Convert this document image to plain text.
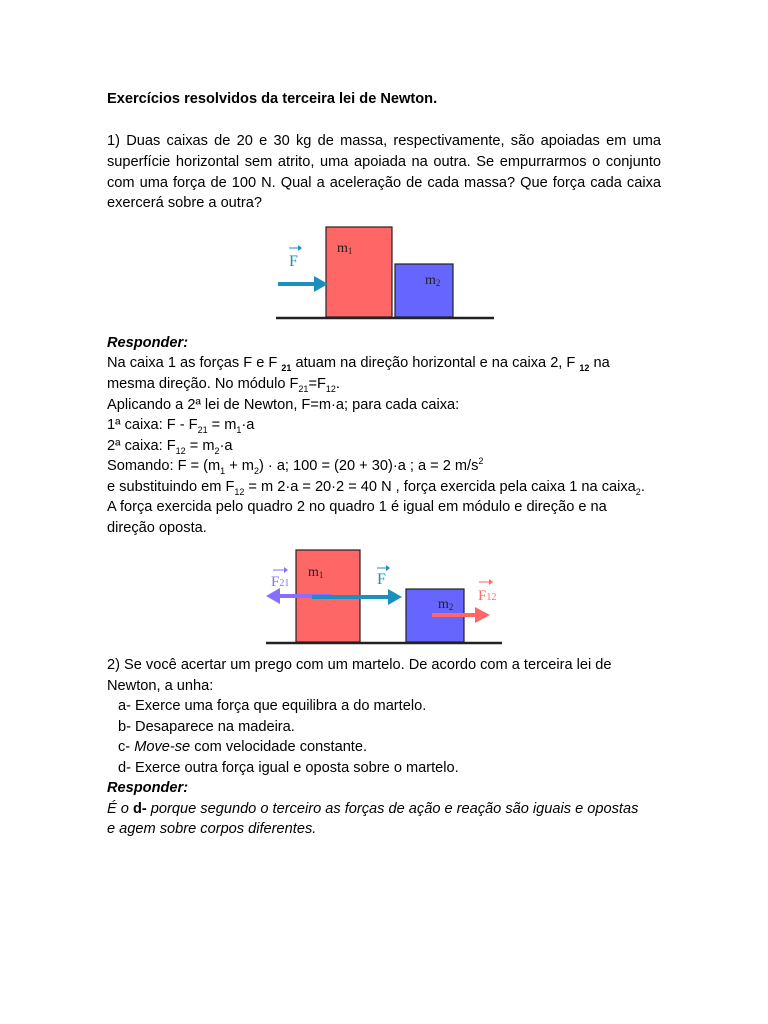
Exercícios resolvidos da terceira lei de Newton.
1) Duas caixas de 20 e 30 kg de massa, respectivamente, são apoiadas em uma superfície horizontal sem atrito, uma apoiada na outra. Se empurrarmos o conjunto com uma força de 100 N. Qual a aceleração de cada massa? Que força cada caixa exercerá sobre a outra?
F
m1
m2
Responder:
Na caixa 1 as forças F e F $_{21}$ atuam na direção horizontal e na caixa 2, F $_{12}$ na
mesma direção. No módulo $F_{21}=F_{12}$.
Aplicando a 2ª lei de Newton, F=m·a; para cada caixa:
1ª caixa: $F - F_{21} = m_1\cdot a$
2ª caixa: $F_{12} = m_2\cdot a$
Somando: $F = (m_1 + m_2) \cdot a$; 100 = (20 + 30)·a ; a = 2 $m/s^2$
e substituindo em $F_{12} = m$ 2·a = 20·2 = 40 N , força exercida pela caixa 1 na caixa$_2$.
A força exercida pelo quadro 2 no quadro 1 é igual em módulo e direção e na
direção oposta.
F21	F
F12
m1
m2
2) Se você acertar um prego com um martelo. De acordo com a terceira lei de
Newton, a unha:
a- Exerce uma força que equilibra a do martelo.
b- Desaparece na madeira.
c- Move-se com velocidade constante.
d- Exerce outra força igual e oposta sobre o martelo.
Responder:
É o d- porque segundo o terceiro as forças de ação e reação são iguais e opostas
e agem sobre corpos diferentes.
